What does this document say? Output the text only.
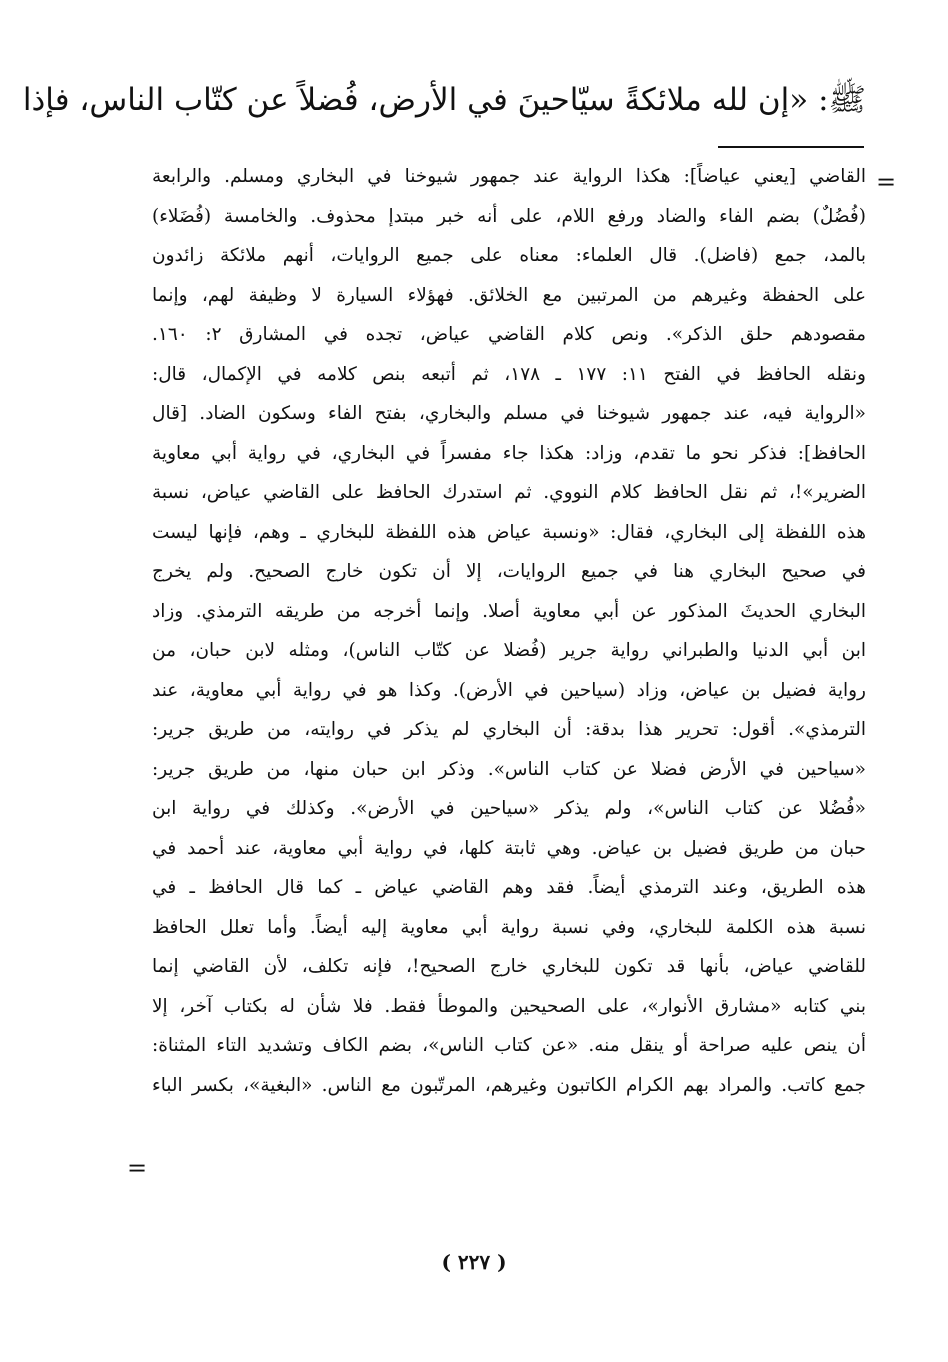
ﷺ: «إن لله ملائكةً سيّاحينَ في الأرض، فُضلاً عن كتّاب الناس، فإذا
=
القاضي [يعني عياضاً]: هكذا الرواية عند جمهور شيوخنا في البخاري ومسلم. والرابعة
(فُضُلٌ) بضم الفاء والضاد ورفع اللام، على أنه خبر مبتدإ محذوف. والخامسة (فُضَلاء)
بالمد، جمع (فاضل). قال العلماء: معناه على جميع الروايات، أنهم ملائكة زائدون
على الحفظة وغيرهم من المرتبين مع الخلائق. فهؤلاء السيارة لا وظيفة لهم، وإنما
مقصودهم حلق الذكر». ونص كلام القاضي عياض، تجده في المشارق ٢: ١٦٠.
ونقله الحافظ في الفتح ١١: ١٧٧ ـ ١٧٨، ثم أتبعه بنص كلامه في الإكمال، قال:
«الرواية فيه، عند جمهور شيوخنا في مسلم والبخاري، بفتح الفاء وسكون الضاد. [قال
الحافظ]: فذكر نحو ما تقدم، وزاد: هكذا جاء مفسراً في البخاري، في رواية أبي معاوية
الضرير»!، ثم نقل الحافظ كلام النووي. ثم استدرك الحافظ على القاضي عياض، نسبة
هذه اللفظة إلى البخاري، فقال: «ونسبة عياض هذه اللفظة للبخاري ـ وهم، فإنها ليست
في صحيح البخاري هنا في جميع الروايات، إلا أن تكون خارج الصحيح. ولم يخرج
البخاري الحديثَ المذكور عن أبي معاوية أصلا. وإنما أخرجه من طريقه الترمذي. وزاد
ابن أبي الدنيا والطبراني رواية جرير (فُضلا عن كتّاب الناس)، ومثله لابن حبان، من
رواية فضيل بن عياض، وزاد (سياحين في الأرض). وكذا هو في رواية أبي معاوية، عند
الترمذي». أقول: تحرير هذا بدقة: أن البخاري لم يذكر في روايته، من طريق جرير:
«سياحين في الأرض فضلا عن كتاب الناس». وذكر ابن حبان منها، من طريق جرير:
«فُضُلا عن كتاب الناس»، ولم يذكر «سياحين في الأرض». وكذلك في رواية ابن
حبان من طريق فضيل بن عياض. وهي ثابتة كلها، في رواية أبي معاوية، عند أحمد في
هذه الطريق، وعند الترمذي أيضاً. فقد وهم القاضي عياض ـ كما قال الحافظ ـ في
نسبة هذه الكلمة للبخاري، وفي نسبة رواية أبي معاوية إليه أيضاً. وأما تعلل الحافظ
للقاضي عياض، بأنها قد تكون للبخاري خارج الصحيح!، فإنه تكلف، لأن القاضي إنما
بني كتابه «مشارق الأنوار»، على الصحيحين والموطأ فقط. فلا شأن له بكتاب آخر، إلا
أن ينص عليه صراحة أو ينقل منه. «عن كتاب الناس»، بضم الكاف وتشديد التاء المثناة:
جمع كاتب. والمراد بهم الكرام الكاتبون وغيرهم، المرتّبون مع الناس. «البغية»، بكسر الباء
=
( ٢٢٧ )
